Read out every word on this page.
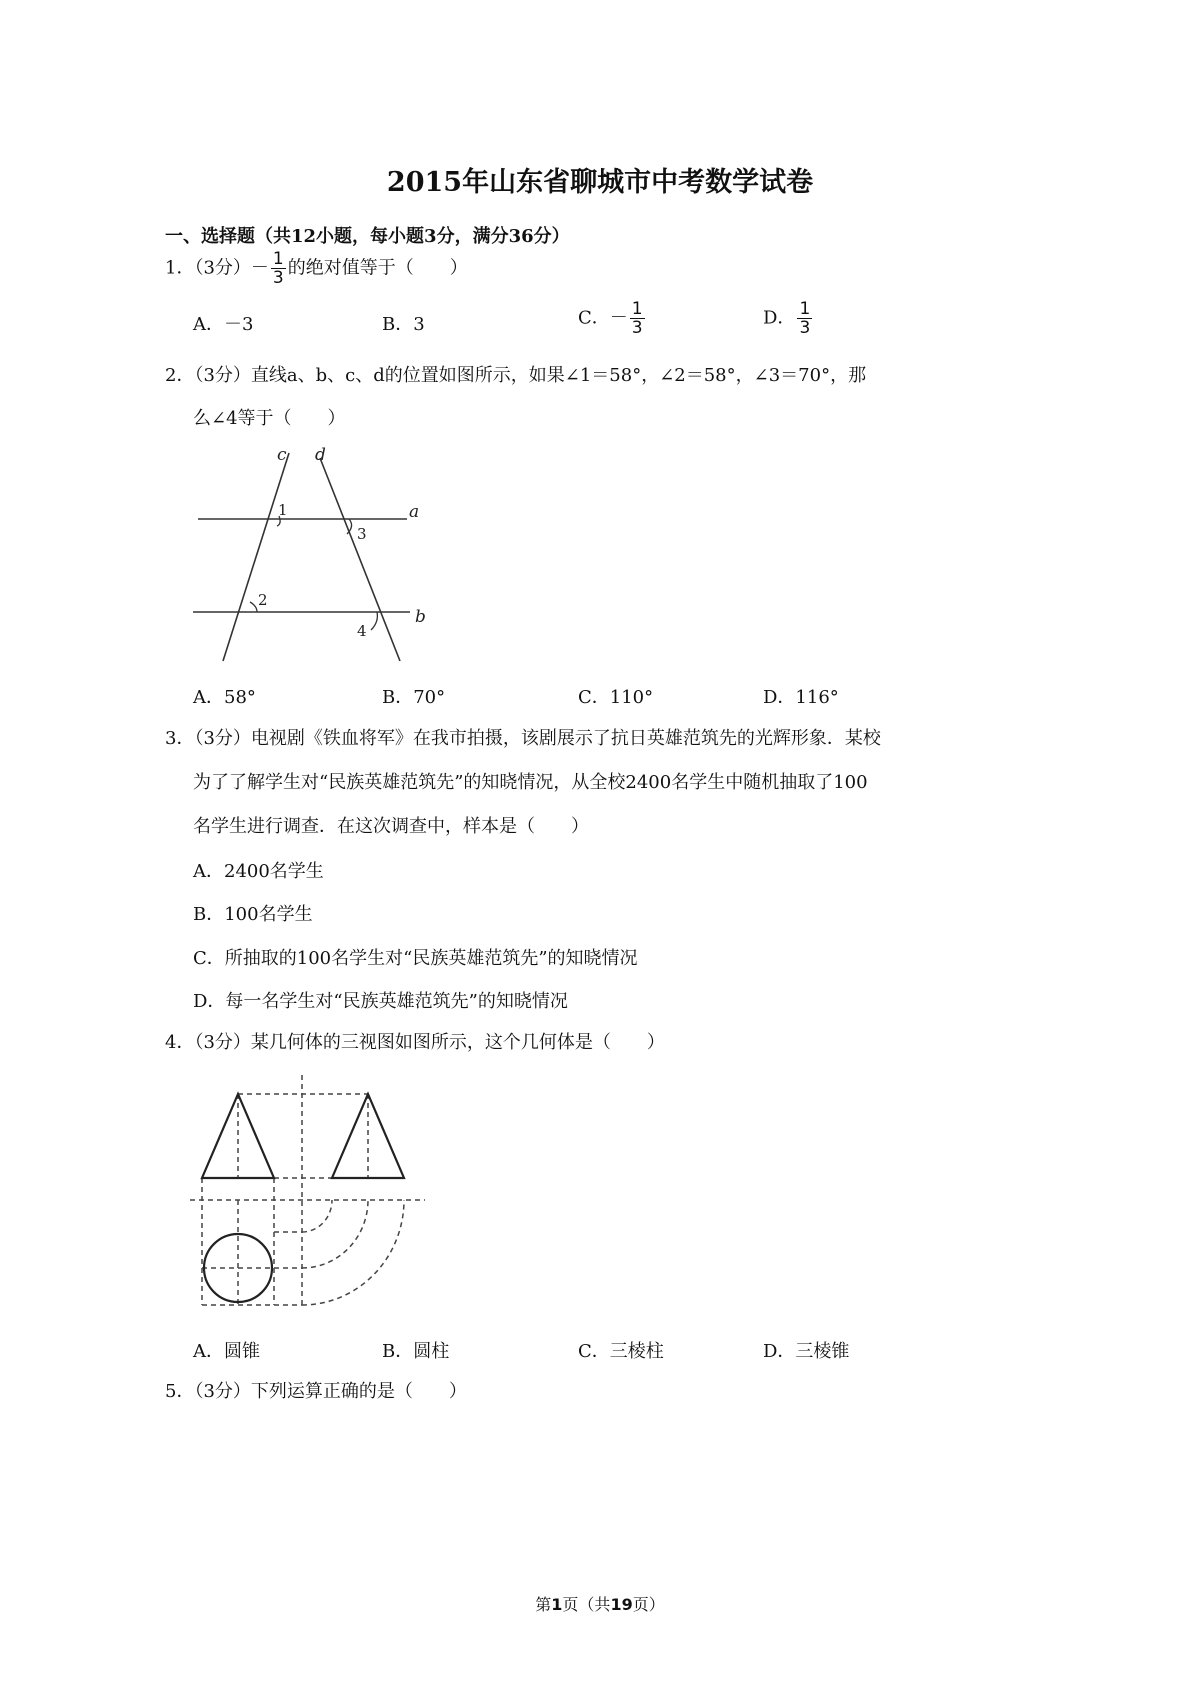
2015年山东省聊城市中考数学试卷
一、选择题（共12小题，每小题3分，满分36分）
1．（3分）－ $\frac{1}{3}$ 的绝对值等于（　　）
A．－3	B．3	C．－ $\frac{1}{3}$	D． $\frac{1}{3}$
2．（3分）直线a、b、c、d的位置如图所示，如果∠1＝58°，∠2＝58°，∠3＝70°，那
么∠4等于（　　）
c d
a
b
1
2
3
4
A．58°	B．70°	C．110°	D．116°
3．（3分）电视剧《铁血将军》在我市拍摄，该剧展示了抗日英雄范筑先的光辉形象．某校
为了了解学生对“民族英雄范筑先”的知晓情况，从全校2400名学生中随机抽取了100
名学生进行调查．在这次调查中，样本是（　　）
A．2400名学生
B．100名学生
C．所抽取的100名学生对“民族英雄范筑先”的知晓情况
D．每一名学生对“民族英雄范筑先”的知晓情况
4．（3分）某几何体的三视图如图所示，这个几何体是（　　）
A．圆锥	B．圆柱	C．三棱柱	D．三棱锥
5．（3分）下列运算正确的是（　　）
第1页（共19页）
